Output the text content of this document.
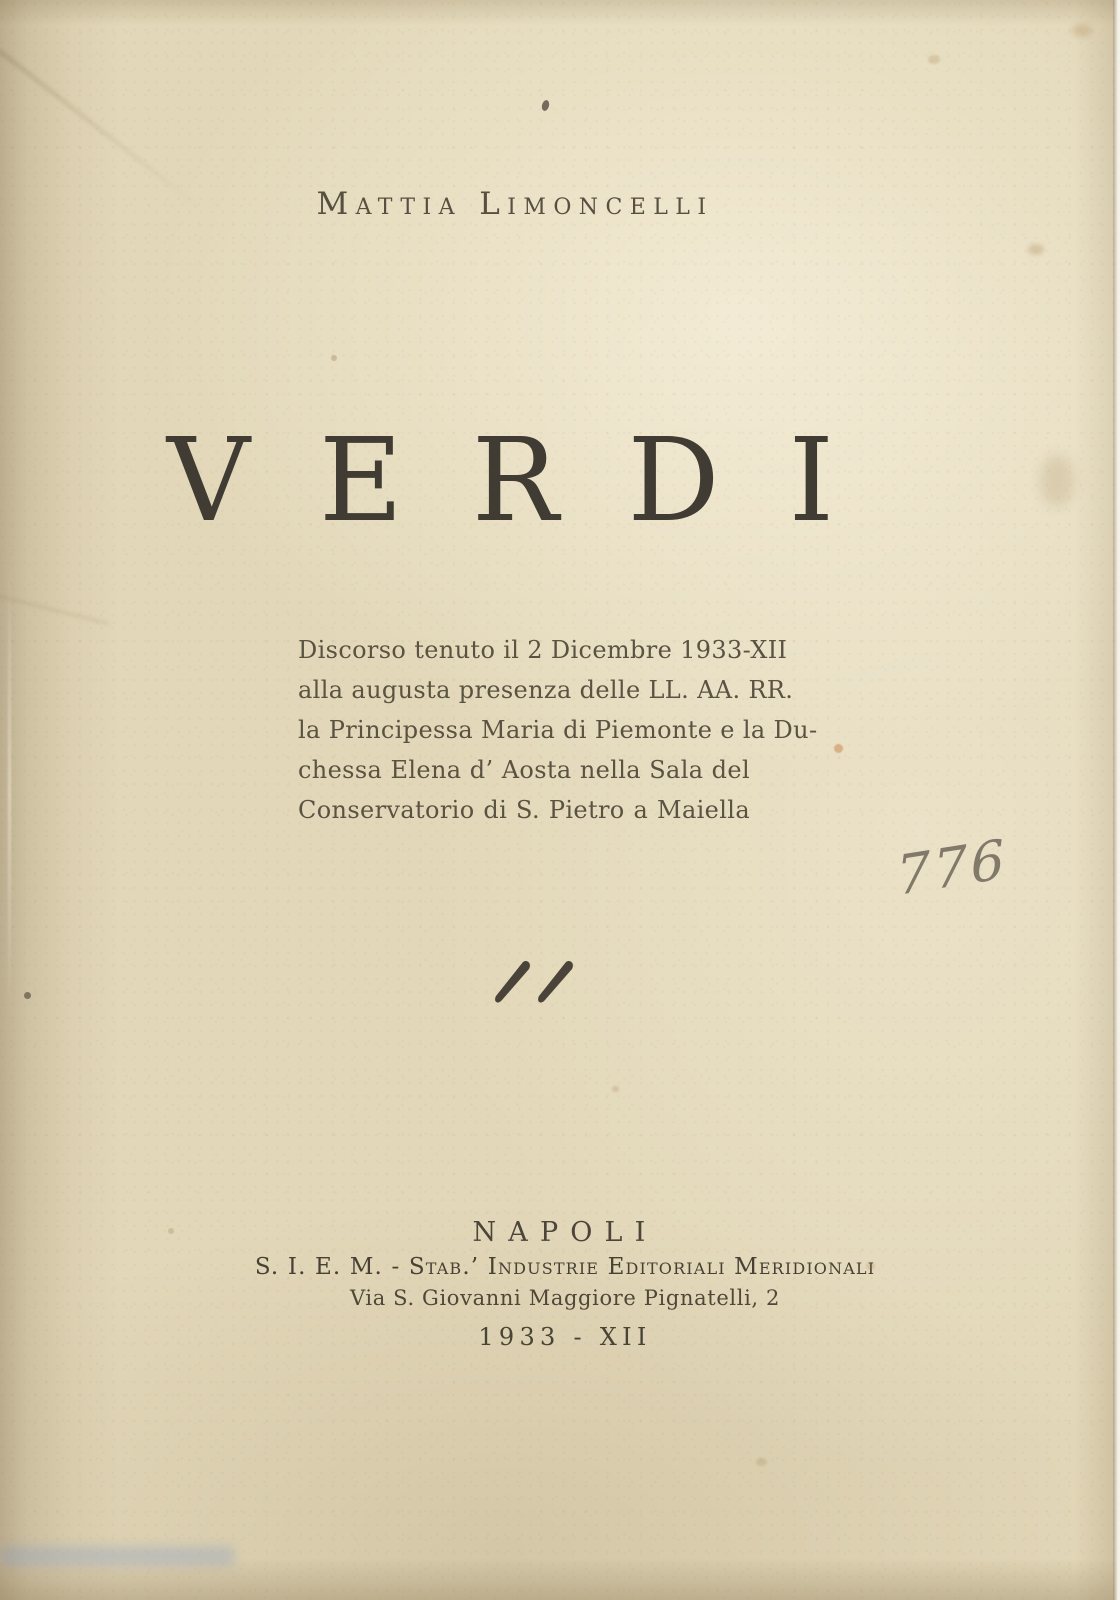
Mattia Limoncelli
VERDI
Discorso tenuto il 2 Dicembre 1933-XII
alla augusta presenza delle LL. AA. RR.
la Principessa Maria di Piemonte e la Du-
chessa Elena d’ Aosta nella Sala del
Conservatorio di S. Pietro a Maiella
776
NAPOLI
S. I. E. M. - Stab.’ Industrie Editoriali Meridionali
Via S. Giovanni Maggiore Pignatelli, 2
1933 - XII
